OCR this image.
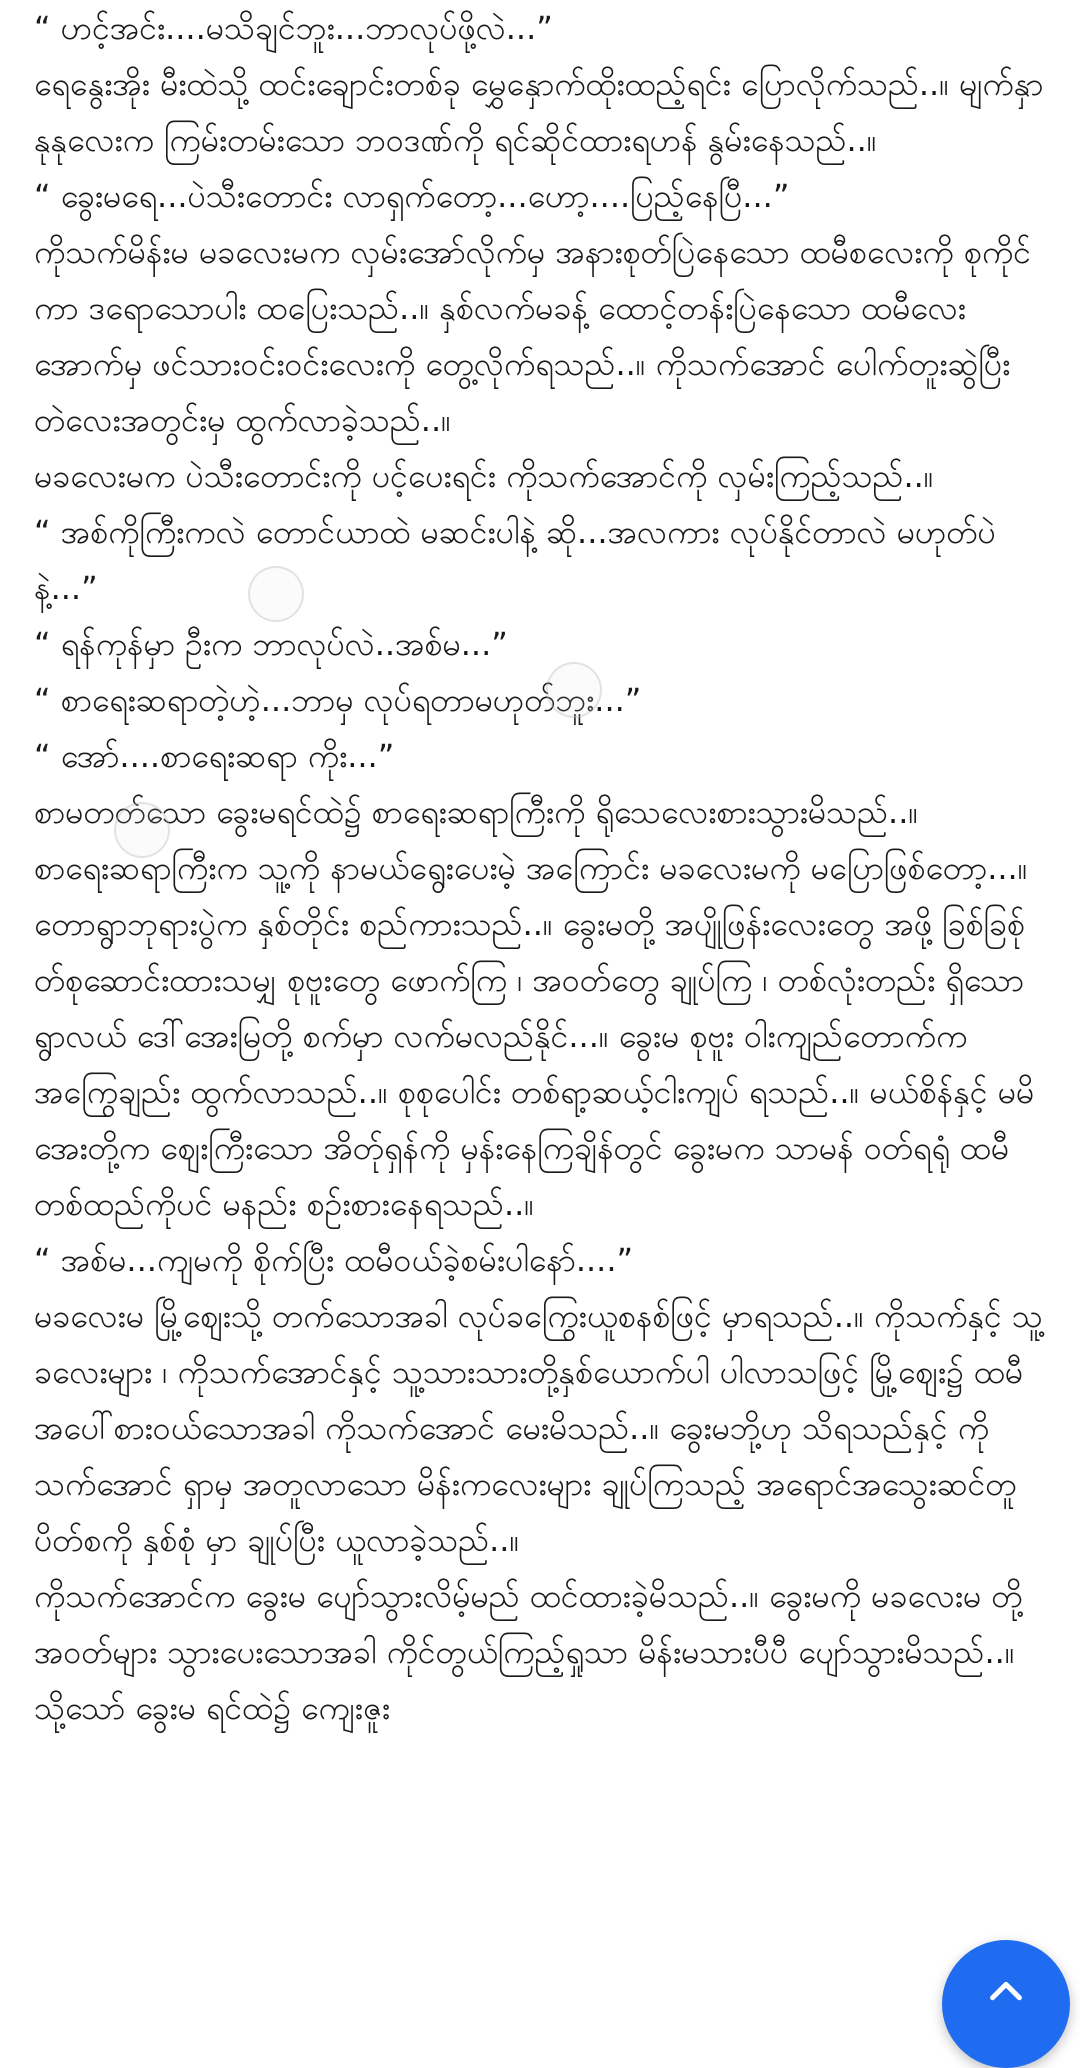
“ ဟင့်အင်း....မသိချင်ဘူး...ဘာလုပ်ဖို့လဲ...”

ရေနွေးအိုး မီးထဲသို့ ထင်းချောင်းတစ်ခု မွှေနှောက်ထိုးထည့်ရင်း ပြောလိုက်သည်..။ မျက်နှာနုနုလေးက ကြမ်းတမ်းသော ဘဝဒဏ်ကို ရင်ဆိုင်ထားရဟန် နွမ်းနေသည်..။

“ ခွေးမရေ...ပဲသီးတောင်း လာရှက်တော့...ဟော့....ပြည့်နေပြီ...”

ကိုသက်မိန်းမ မခလေးမက လှမ်းအော်လိုက်မှ အနားစုတ်ပြဲနေသော ထမီစလေးကို စုကိုင်ကာ ဒရောသောပါး ထပြေးသည်..။ နှစ်လက်မခန့် ထောင့်တန်းပြဲနေသော ထမီလေးအောက်မှ ဖင်သားဝင်းဝင်းလေးကို တွေ့လိုက်ရသည်..။ ကိုသက်အောင် ပေါက်တူးဆွဲပြီး တဲလေးအတွင်းမှ ထွက်လာခဲ့သည်..။

မခလေးမက ပဲသီးတောင်းကို ပင့်ပေးရင်း ကိုသက်အောင်ကို လှမ်းကြည့်သည်..။

“ အစ်ကိုကြီးကလဲ တောင်ယာထဲ မဆင်းပါနဲ့ ဆို...အလကား လုပ်နိုင်တာလဲ မဟုတ်ပဲနဲ့...”

“ ရန်ကုန်မှာ ဦးက ဘာလုပ်လဲ..အစ်မ...”

“ စာရေးဆရာတဲ့ဟဲ့...ဘာမှ လုပ်ရတာမဟုတ်ဘူး...”

“ အော်....စာရေးဆရာ ကိုး...”

စာမတတ်သော ခွေးမရင်ထဲ၌ စာရေးဆရာကြီးကို ရိုသေလေးစားသွားမိသည်..။ စာရေးဆရာကြီးက သူ့ကို နာမယ်ရွေးပေးမဲ့ အကြောင်း မခလေးမကို မပြောဖြစ်တော့...။

တောရွာဘုရားပွဲက နှစ်တိုင်း စည်ကားသည်..။ ခွေးမတို့ အပျိုဖြန်းလေးတွေ အဖို့ ခြစ်ခြစ်ုတ်စုဆောင်းထားသမျှ စုဗူးတွေ ဖောက်ကြ ၊ အဝတ်တွေ ချုပ်ကြ ၊ တစ်လုံးတည်း ရှိသော ရွာလယ် ဒေါ်အေးမြတို့ စက်မှာ လက်မလည်နိုင်...။ ခွေးမ စုဗူး ဝါးကျည်တောက်က အကြွေချည်း ထွက်လာသည်..။ စုစုပေါင်း တစ်ရာ့ဆယ့်ငါးကျပ် ရသည်..။ မယ်စိန်နှင့် မမိအေးတို့က ဈေးကြီးသော အိတ်ုရှန်ကို မှန်းနေကြချိန်တွင် ခွေးမက သာမန် ဝတ်ရရုံ ထမီတစ်ထည်ကိုပင် မနည်း စဉ်းစားနေရသည်..။

“ အစ်မ...ကျမကို စိုက်ပြီး ထမီဝယ်ခဲ့စမ်းပါနော်....”

မခလေးမ မြို့ဈေးသို့ တက်သောအခါ လုပ်ခကြွေးယူစနစ်ဖြင့် မှာရသည်..။ ကိုသက်နှင့် သူ့ခလေးများ ၊ ကိုသက်အောင်နှင့် သူ့သားသားတို့နှစ်ယောက်ပါ ပါလာသဖြင့် မြို့ဈေး၌ ထမီ အပေါ်စားဝယ်သောအခါ ကိုသက်အောင် မေးမိသည်..။ ခွေးမဘို့ဟု သိရသည်နှင့် ကိုသက်အောင် ရှာမှ အတူလာသော မိန်းကလေးများ ချုပ်ကြသည့် အရောင်အသွေးဆင်တူ ပိတ်စကို နှစ်စုံ မှာ ချုပ်ပြီး ယူလာခဲ့သည်..။

ကိုသက်အောင်က ခွေးမ ပျော်သွားလိမ့်မည် ထင်ထားခဲ့မိသည်..။ ခွေးမကို မခလေးမ တို့ အဝတ်များ သွားပေးသောအခါ ကိုင်တွယ်ကြည့်ရှုသာ မိန်းမသားပီပီ ပျော်သွားမိသည်..။ သို့သော် ခွေးမ ရင်ထဲ၌ ကျေးဇူး
